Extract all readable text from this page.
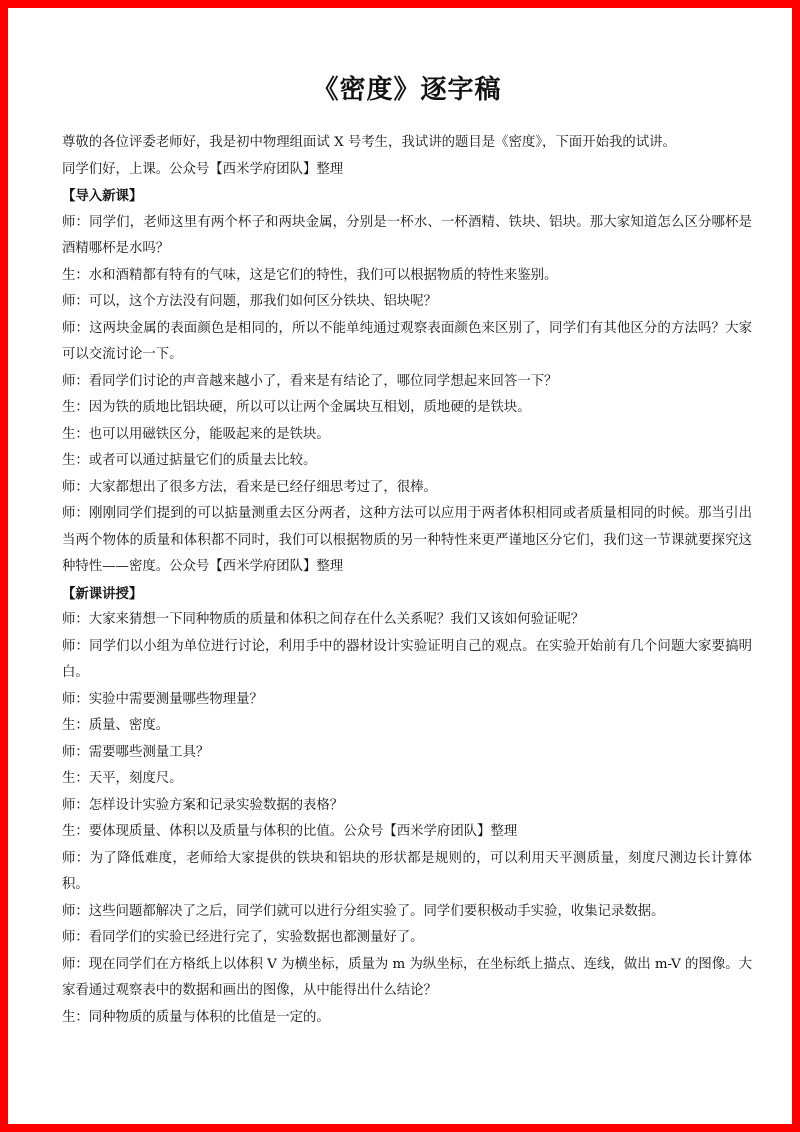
《密度》逐字稿

尊敬的各位评委老师好，我是初中物理组面试 X 号考生，我试讲的题目是《密度》，下面开始我的试讲。

同学们好，上课。公众号【西米学府团队】整理

【导入新课】

师：同学们，老师这里有两个杯子和两块金属，分别是一杯水、一杯酒精、铁块、铝块。那大家知道怎么区分哪杯是酒精哪杯是水吗？

生：水和酒精都有特有的气味，这是它们的特性，我们可以根据物质的特性来鉴别。

师：可以，这个方法没有问题，那我们如何区分铁块、铝块呢？

师：这两块金属的表面颜色是相同的，所以不能单纯通过观察表面颜色来区别了，同学们有其他区分的方法吗？大家可以交流讨论一下。

师：看同学们讨论的声音越来越小了，看来是有结论了，哪位同学想起来回答一下？

生：因为铁的质地比铝块硬，所以可以让两个金属块互相划，质地硬的是铁块。

生：也可以用磁铁区分，能吸起来的是铁块。

生：或者可以通过掂量它们的质量去比较。

师：大家都想出了很多方法，看来是已经仔细思考过了，很棒。

师：刚刚同学们提到的可以掂量测重去区分两者，这种方法可以应用于两者体积相同或者质量相同的时候。那当引出当两个物体的质量和体积都不同时，我们可以根据物质的另一种特性来更严谨地区分它们，我们这一节课就要探究这种特性——密度。公众号【西米学府团队】整理

【新课讲授】

师：大家来猜想一下同种物质的质量和体积之间存在什么关系呢？我们又该如何验证呢？

师：同学们以小组为单位进行讨论，利用手中的器材设计实验证明自己的观点。在实验开始前有几个问题大家要搞明白。

师：实验中需要测量哪些物理量？

生：质量、密度。

师：需要哪些测量工具？

生：天平，刻度尺。

师：怎样设计实验方案和记录实验数据的表格？

生：要体现质量、体积以及质量与体积的比值。公众号【西米学府团队】整理

师：为了降低难度，老师给大家提供的铁块和铝块的形状都是规则的，可以利用天平测质量，刻度尺测边长计算体积。

师：这些问题都解决了之后，同学们就可以进行分组实验了。同学们要积极动手实验，收集记录数据。

师：看同学们的实验已经进行完了，实验数据也都测量好了。

师：现在同学们在方格纸上以体积 V 为横坐标，质量为 m 为纵坐标，在坐标纸上描点、连线，做出 m-V 的图像。大家看通过观察表中的数据和画出的图像，从中能得出什么结论？

生：同种物质的质量与体积的比值是一定的。
